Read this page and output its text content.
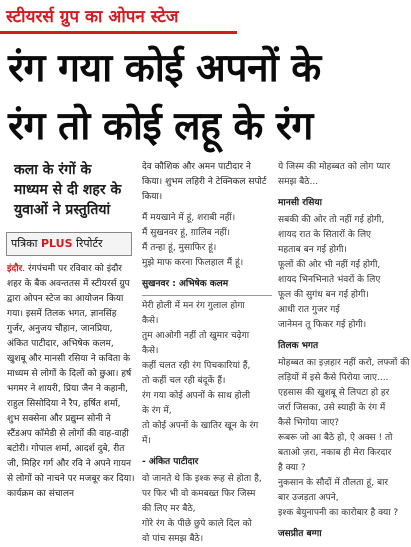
स्टीयरर्स ग्रुप का ओपन स्टेज
रंग गया कोई अपनों के
रंग तो कोई लहू के रंग
कला के रंगों के माध्यम से दी शहर के युवाओं ने प्रस्तुतियां
पत्रिका PLUS रिपोर्टर

इंदौर. रंगपंचमी पर रविवार को इंदौर शहर के बैक अवन्ततस में स्टीयरर्स ग्रुप द्वारा ओपन स्टेज का आयोजन किया गया। इसमें तिलक भगत, ज्ञानसिंह गुर्जर, अनुजय चौहान, जानप्रिया, अंकित पाटीदार, अभिषेक कलम, खुशबू और मानसी रसिया ने कविता के माध्यम से लोगों के दिलों को छुआ। हर्ष भगमर ने शायरी, प्रिया जैन ने कहानी, राहुल सिसोदिया ने रैप, हर्षित शर्मा, शुभ सक्सेना और प्रद्युम्न सोनी ने स्टैंडअप कॉमेडी से लोगों की वाह-वाही बटोरी। गोपाल शर्मा, आदर्श दुबे, रीत जी, मिहिर गर्ग और रवि ने अपने गायन से लोगों को नाचने पर मजबूर कर दिया। कार्यक्रम का संचालन

देव कौशिक और अमन पाटीदार ने किया। शुभम लहिरी ने टेक्निकल सपोर्ट किया।

मैं मयखाने में हूं, शराबी नहीं।
मैं सुखनवर हूं, ग़ालिब नहीं।
मैं तन्हा हूं, मुसाफिर हूं।
मुझे माफ करना फिलहाल मैं हूं।
सुखनवर : अभिषेक कलम
मेरी होली में मन रंग गुलाल होगा
कैसे।
तुम आओगी नहीं तो खुमार चढ़ेगा
कैसे।
कहीं चलत रही रंग पिचकारियां हैं,
तो कहीं चल रही बंदूकें हैं।
रंग गया कोई अपनों के साथ होली
के रंग में,
तो कोई अपनों के खातिर खून के रंग
में।
- अंकित पाटीदार
वो जानते थे कि इश्क रूह से होता है,
पर फिर भी वो कमबख्त फिर जिस्म
की लिए मर बैठे,
गोरे रंग के पीछे छुपे काले दिल को
वो पांच समझ बैठे।
ये जिस्म की मोहब्बत को लोग प्यार
समझ बैठे...
मानसी रसिया
सबकी की ओर तो नहीं गई होगी,
शायद रात के सितारों के लिए
महताब बन गई होगी।
फूलों की ओर भी नहीं गई होगी,
शायद भिनभिनाते भंवरों के लिए
फूल की सुगंध बन गई होगी।
आधी रात गुजर गई
जानेमन तू फिकर गई होगी।
तिलक भगत
मोहब्बत का इज़हार नहीं करो, लफ्जों की
लड़ियों में इसे कैसे पिरोया जाए....
एहसास की खुशबू से लिपटा हो हर
जर्रा जिसका, उसे स्याही के रंग में
कैसे भिगोया जाए?
रूबरू जो आ बैठे हो, ऐ अक्स ! तो
बताओ ज़रा, नकाब ही मेरा किरदार
है क्या ?
नुकसान के सौदों में तौलता हूं, बार
बार उजड़ता अपने,
इश्क बेयुनापनी का कारोबार है क्या ?
जसप्रीत बग्गा
